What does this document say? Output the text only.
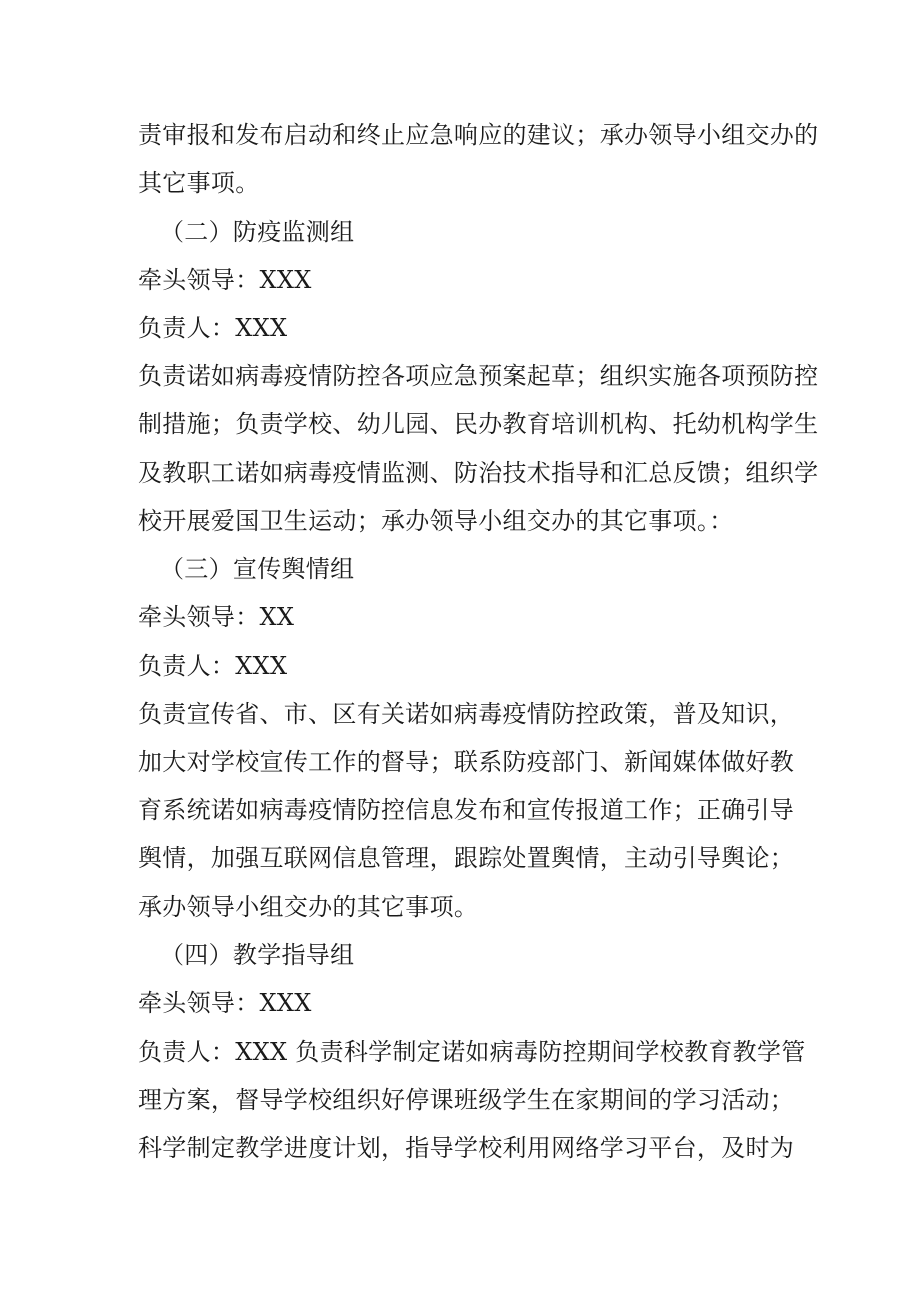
责审报和发布启动和终止应急响应的建议；承办领导小组交办的
其它事项。
（二）防疫监测组
牵头领导：XXX
负责人：XXX
负责诺如病毒疫情防控各项应急预案起草；组织实施各项预防控
制措施；负责学校、幼儿园、民办教育培训机构、托幼机构学生
及教职工诺如病毒疫情监测、防治技术指导和汇总反馈；组织学
校开展爱国卫生运动；承办领导小组交办的其它事项。：
（三）宣传舆情组
牵头领导：XX
负责人：XXX
负责宣传省、市、区有关诺如病毒疫情防控政策，普及知识，
加大对学校宣传工作的督导；联系防疫部门、新闻媒体做好教
育系统诺如病毒疫情防控信息发布和宣传报道工作；正确引导
舆情，加强互联网信息管理，跟踪处置舆情，主动引导舆论；
承办领导小组交办的其它事项。
（四）教学指导组
牵头领导：XXX
负责人：XXX 负责科学制定诺如病毒防控期间学校教育教学管
理方案，督导学校组织好停课班级学生在家期间的学习活动；
科学制定教学进度计划，指导学校利用网络学习平台，及时为
